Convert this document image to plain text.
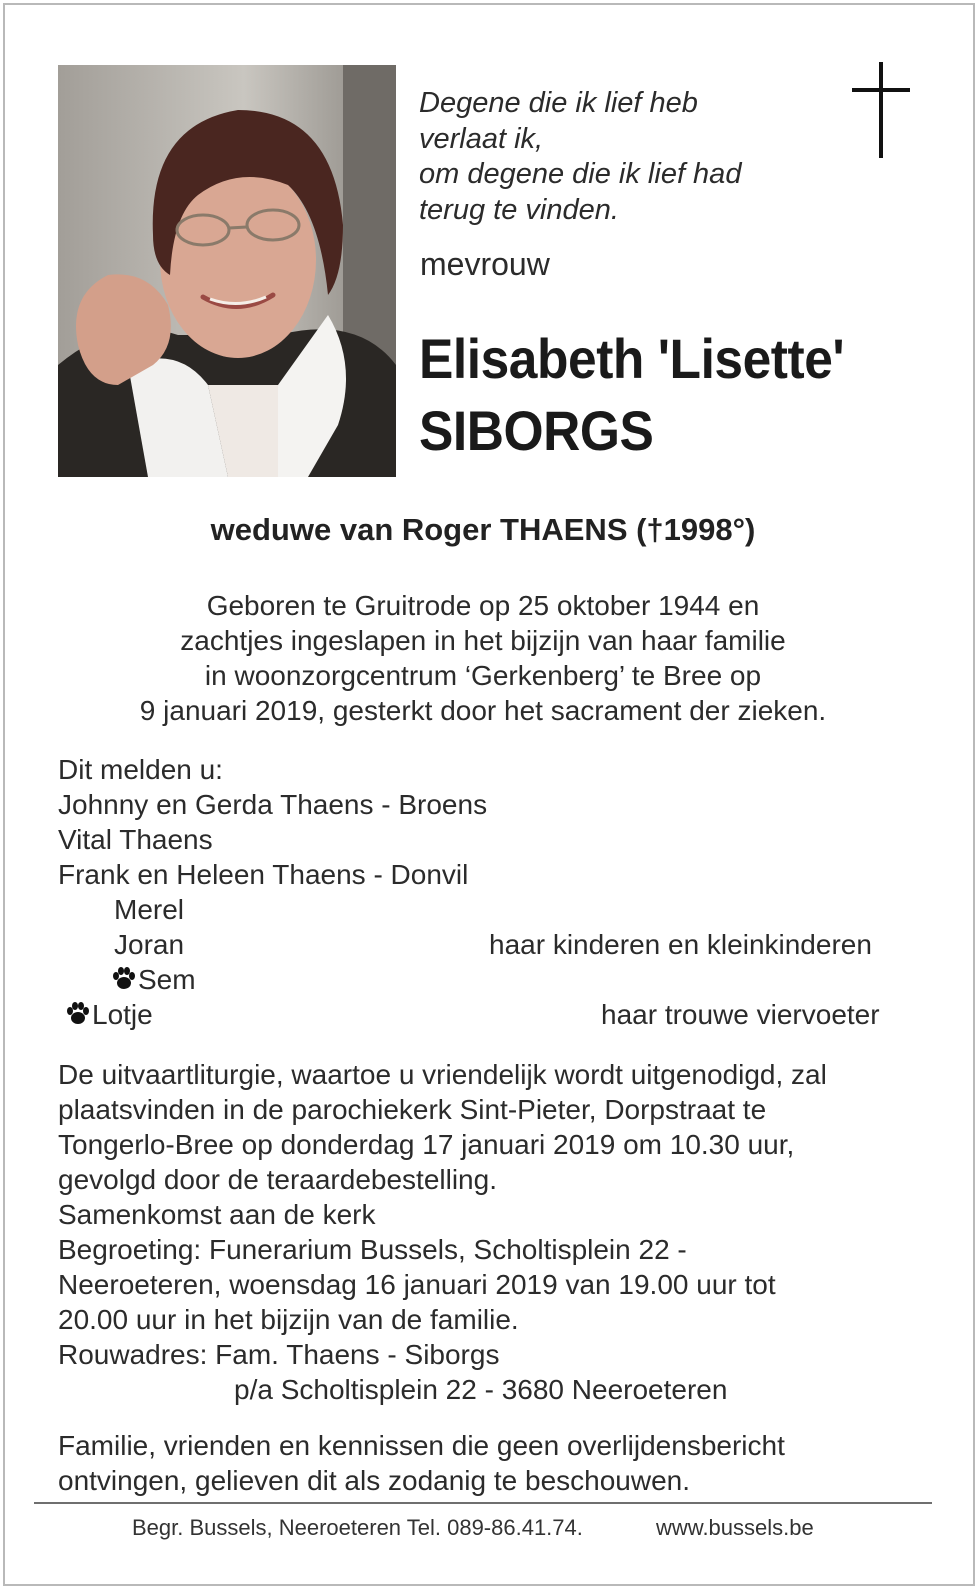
Degene die ik lief heb
verlaat ik,
om degene die ik lief had
terug te vinden.
mevrouw
Elisabeth 'Lisette'
SIBORGS
weduwe van Roger THAENS (†1998°)
Geboren te Gruitrode op 25 oktober 1944 en
zachtjes ingeslapen in het bijzijn van haar familie
in woonzorgcentrum ‘Gerkenberg’ te Bree op
9 januari 2019, gesterkt door het sacrament der zieken.
Dit melden u:
Johnny en Gerda Thaens - Broens
Vital Thaens
Frank en Heleen Thaens - Donvil
Merel
Joran
Sem
Lotje
haar kinderen en kleinkinderen
haar trouwe viervoeter
De uitvaartliturgie, waartoe u vriendelijk wordt uitgenodigd, zal
plaatsvinden in de parochiekerk Sint-Pieter, Dorpstraat te
Tongerlo-Bree op donderdag 17 januari 2019 om 10.30 uur,
gevolgd door de teraardebestelling.
Samenkomst aan de kerk
Begroeting: Funerarium Bussels, Scholtisplein 22 -
Neeroeteren, woensdag 16 januari 2019 van 19.00 uur tot
20.00 uur in het bijzijn van de familie.
Rouwadres: Fam. Thaens - Siborgs
p/a Scholtisplein 22 - 3680 Neeroeteren
Familie, vrienden en kennissen die geen overlijdensbericht
ontvingen, gelieven dit als zodanig te beschouwen.
Begr. Bussels, Neeroeteren Tel. 089-86.41.74.	www.bussels.be
